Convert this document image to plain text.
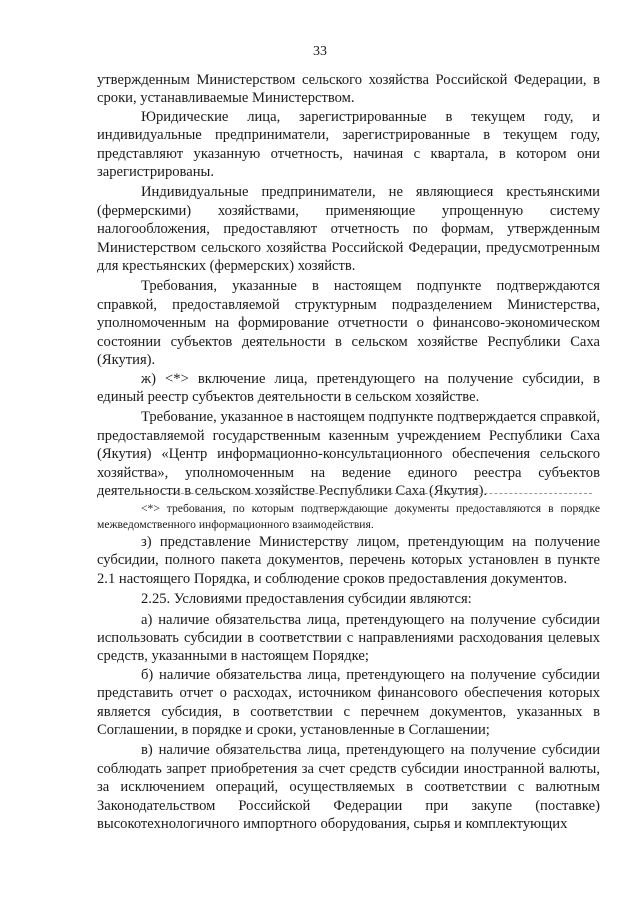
33

утвержденным Министерством сельского хозяйства Российской Федерации, в сроки, устанавливаемые Министерством.

Юридические лица, зарегистрированные в текущем году, и индивидуальные предприниматели, зарегистрированные в текущем году, представляют указанную отчетность, начиная с квартала, в котором они зарегистрированы.

Индивидуальные предприниматели, не являющиеся крестьянскими (фермерскими) хозяйствами, применяющие упрощенную систему налогообложения, предоставляют отчетность по формам, утвержденным Министерством сельского хозяйства Российской Федерации, предусмотренным для крестьянских (фермерских) хозяйств.

Требования, указанные в настоящем подпункте подтверждаются справкой, предоставляемой структурным подразделением Министерства, уполномоченным на формирование отчетности о финансово-экономическом состоянии субъектов деятельности в сельском хозяйстве Республики Саха (Якутия).

ж) <*> включение лица, претендующего на получение субсидии, в единый реестр субъектов деятельности в сельском хозяйстве.

Требование, указанное в настоящем подпункте подтверждается справкой, предоставляемой государственным казенным учреждением Республики Саха (Якутия) «Центр информационно-консультационного обеспечения сельского хозяйства», уполномоченным на ведение единого реестра субъектов деятельности в сельском хозяйстве Республики Саха (Якутия).

<*> требования, по которым подтверждающие документы предоставляются в порядке межведомственного информационного взаимодействия.

з) представление Министерству лицом, претендующим на получение субсидии, полного пакета документов, перечень которых установлен в пункте 2.1 настоящего Порядка, и соблюдение сроков предоставления документов.

2.25. Условиями предоставления субсидии являются:

а) наличие обязательства лица, претендующего на получение субсидии использовать субсидии в соответствии с направлениями расходования целевых средств, указанными в настоящем Порядке;

б) наличие обязательства лица, претендующего на получение субсидии представить отчет о расходах, источником финансового обеспечения которых является субсидия, в соответствии с перечнем документов, указанных в Соглашении, в порядке и сроки, установленные в Соглашении;

в) наличие обязательства лица, претендующего на получение субсидии соблюдать запрет приобретения за счет средств субсидии иностранной валюты, за исключением операций, осуществляемых в соответствии с валютным Законодательством Российской Федерации при закупе (поставке) высокотехнологичного импортного оборудования, сырья и комплектующих
